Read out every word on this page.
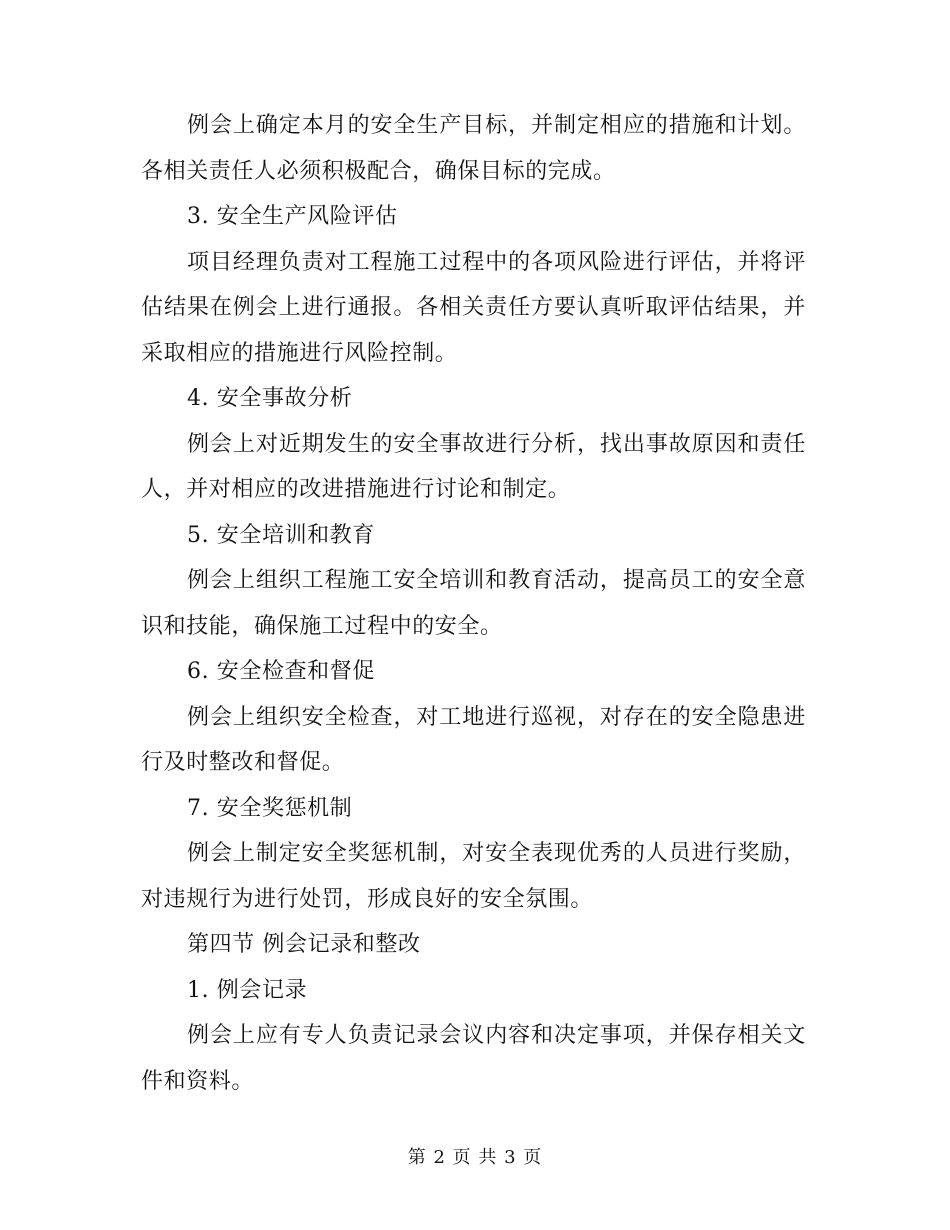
例会上确定本月的安全生产目标，并制定相应的措施和计划。各相关责任人必须积极配合，确保目标的完成。

3. 安全生产风险评估

项目经理负责对工程施工过程中的各项风险进行评估，并将评估结果在例会上进行通报。各相关责任方要认真听取评估结果，并采取相应的措施进行风险控制。

4. 安全事故分析

例会上对近期发生的安全事故进行分析，找出事故原因和责任人，并对相应的改进措施进行讨论和制定。

5. 安全培训和教育

例会上组织工程施工安全培训和教育活动，提高员工的安全意识和技能，确保施工过程中的安全。

6. 安全检查和督促

例会上组织安全检查，对工地进行巡视，对存在的安全隐患进行及时整改和督促。

7. 安全奖惩机制

例会上制定安全奖惩机制，对安全表现优秀的人员进行奖励，对违规行为进行处罚，形成良好的安全氛围。

第四节 例会记录和整改

1. 例会记录

例会上应有专人负责记录会议内容和决定事项，并保存相关文件和资料。

第 2 页 共 3 页
